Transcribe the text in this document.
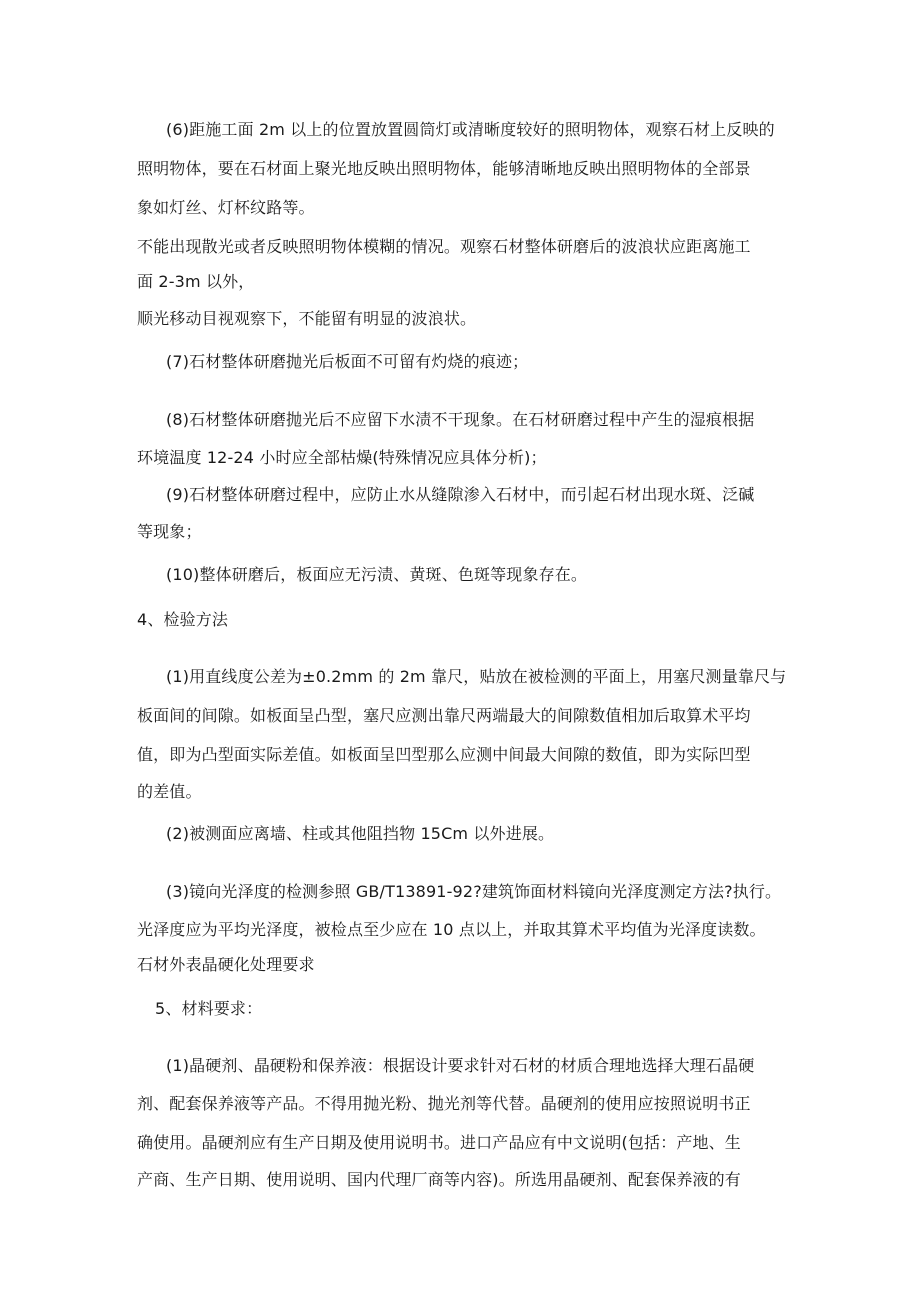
(6)距施工面 2m 以上的位置放置圆筒灯或清晰度较好的照明物体，观察石材上反映的
照明物体，要在石材面上聚光地反映出照明物体，能够清晰地反映出照明物体的全部景
象如灯丝、灯杯纹路等。
不能出现散光或者反映照明物体模糊的情况。观察石材整体研磨后的波浪状应距离施工
面 2-3m 以外，
顺光移动目视观察下，不能留有明显的波浪状。
(7)石材整体研磨抛光后板面不可留有灼烧的痕迹；
(8)石材整体研磨抛光后不应留下水渍不干现象。在石材研磨过程中产生的湿痕根据
环境温度 12-24 小时应全部枯燥(特殊情况应具体分析)；
(9)石材整体研磨过程中，应防止水从缝隙渗入石材中，而引起石材出现水斑、泛碱
等现象；
(10)整体研磨后，板面应无污渍、黄斑、色斑等现象存在。
4、检验方法
(1)用直线度公差为±0.2mm 的 2m 靠尺，贴放在被检测的平面上，用塞尺测量靠尺与
板面间的间隙。如板面呈凸型，塞尺应测出靠尺两端最大的间隙数值相加后取算术平均
值，即为凸型面实际差值。如板面呈凹型那么应测中间最大间隙的数值，即为实际凹型
的差值。
(2)被测面应离墙、柱或其他阻挡物 15Cm 以外进展。
(3)镜向光泽度的检测参照 GB/T13891-92?建筑饰面材料镜向光泽度测定方法?执行。
光泽度应为平均光泽度，被检点至少应在 10 点以上，并取其算术平均值为光泽度读数。
石材外表晶硬化处理要求
5、材料要求：
(1)晶硬剂、晶硬粉和保养液：根据设计要求针对石材的材质合理地选择大理石晶硬
剂、配套保养液等产品。不得用抛光粉、抛光剂等代替。晶硬剂的使用应按照说明书正
确使用。晶硬剂应有生产日期及使用说明书。进口产品应有中文说明(包括：产地、生
产商、生产日期、使用说明、国内代理厂商等内容)。所选用晶硬剂、配套保养液的有
